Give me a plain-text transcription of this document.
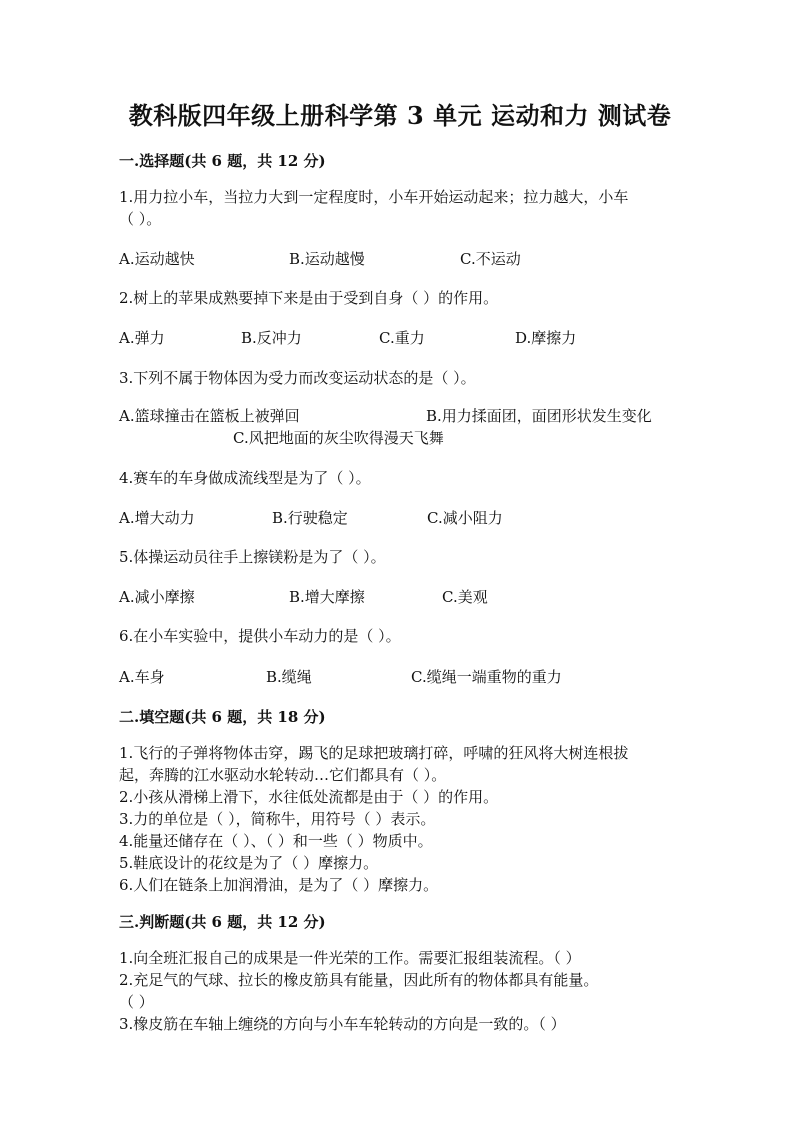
教科版四年级上册科学第 3 单元 运动和力 测试卷
一.选择题(共 6 题，共 12 分)
1.用力拉小车，当拉力大到一定程度时，小车开始运动起来；拉力越大，小车
（ ）。
A.运动越快	B.运动越慢	C.不运动
2.树上的苹果成熟要掉下来是由于受到自身（ ）的作用。
A.弹力	B.反冲力	C.重力	D.摩擦力
3.下列不属于物体因为受力而改变运动状态的是（ ）。
A.篮球撞击在篮板上被弹回	B.用力揉面团，面团形状发生变化
C.风把地面的灰尘吹得漫天飞舞
4.赛车的车身做成流线型是为了（ ）。
A.增大动力	B.行驶稳定	C.减小阻力
5.体操运动员往手上擦镁粉是为了（ ）。
A.减小摩擦	B.增大摩擦	C.美观
6.在小车实验中，提供小车动力的是（ ）。
A.车身	B.缆绳	C.缆绳一端重物的重力
二.填空题(共 6 题，共 18 分)
1.飞行的子弹将物体击穿，踢飞的足球把玻璃打碎，呼啸的狂风将大树连根拔
起，奔腾的江水驱动水轮转动…它们都具有（ ）。
2.小孩从滑梯上滑下，水往低处流都是由于（ ）的作用。
3.力的单位是（ ），简称牛，用符号（ ）表示。
4.能量还储存在（ ）、（ ）和一些（ ）物质中。
5.鞋底设计的花纹是为了（ ）摩擦力。
6.人们在链条上加润滑油，是为了（ ）摩擦力。
三.判断题(共 6 题，共 12 分)
1.向全班汇报自己的成果是一件光荣的工作。需要汇报组装流程。（ ）
2.充足气的气球、拉长的橡皮筋具有能量，因此所有的物体都具有能量。
（ ）
3.橡皮筋在车轴上缠绕的方向与小车车轮转动的方向是一致的。（ ）
